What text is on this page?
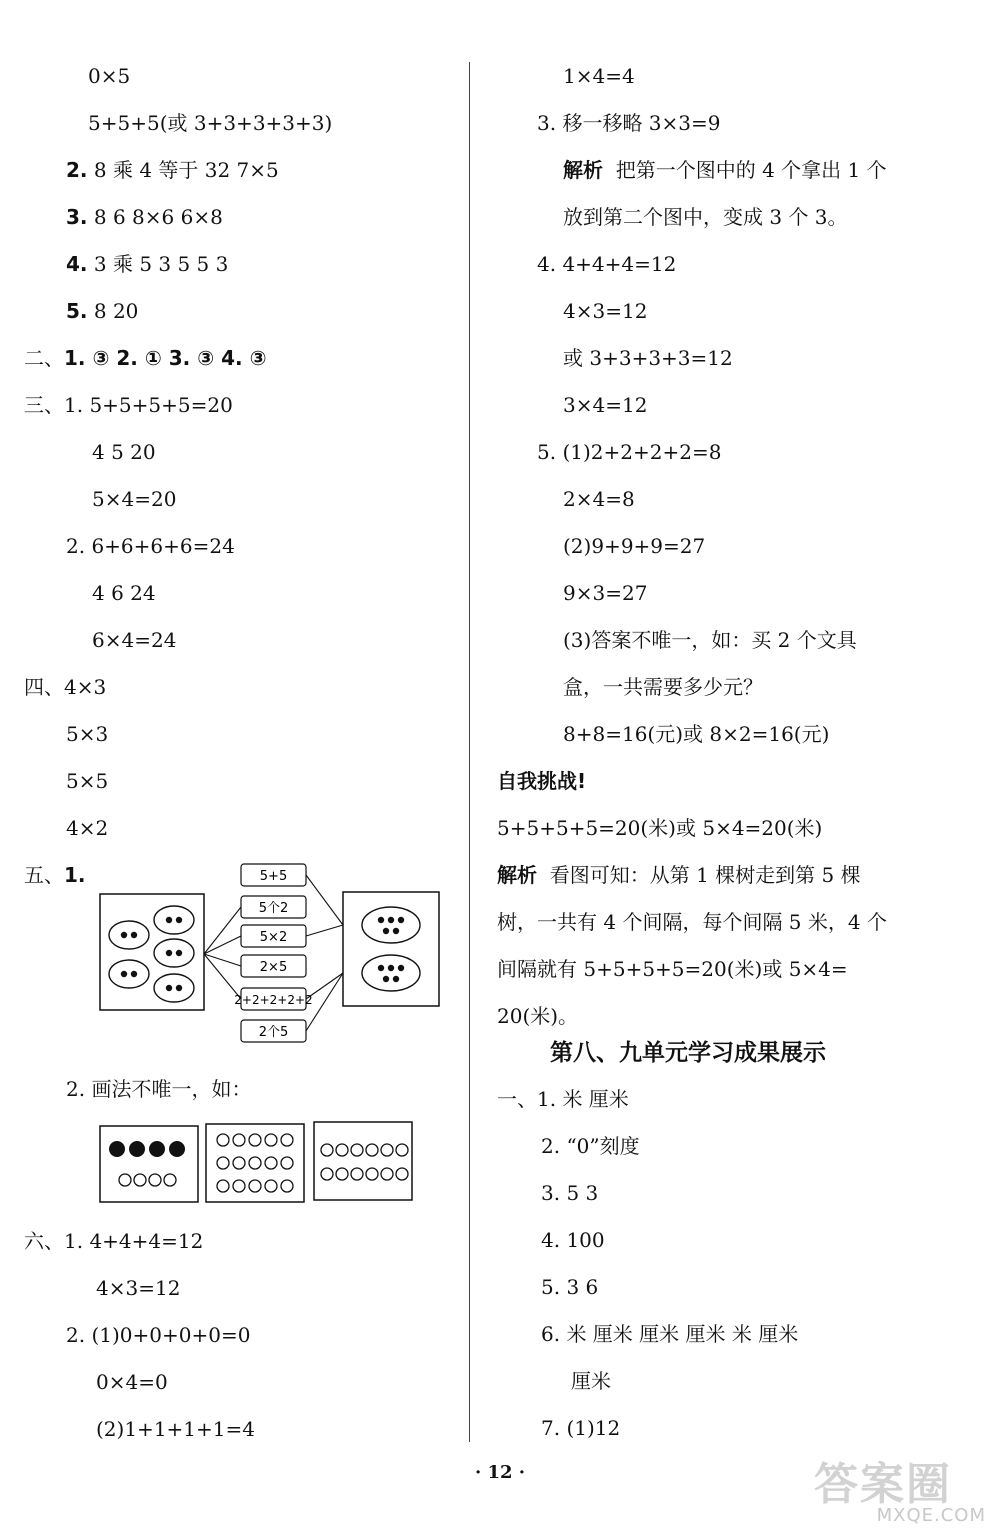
0×5
5+5+5(或 3+3+3+3+3)
2. 8 乘 4 等于 32 7×5
3. 8 6 8×6 6×8
4. 3 乘 5 3 5 5 3
5. 8 20
二、1. ③ 2. ① 3. ③ 4. ③
三、1. 5+5+5+5=20
4 5 20
5×4=20
2. 6+6+6+6=24
4 6 24
6×4=24
四、4×3
5×3
5×5
4×2
五、1.	5+5
5个2
5×2
2×5
2+2+2+2+2
2个5
2. 画法不唯一，如：
六、1. 4+4+4=12
4×3=12
2. (1)0+0+0+0=0
0×4=0
(2)1+1+1+1=4
1×4=4
3. 移一移略 3×3=9
解析 把第一个图中的 4 个拿出 1 个
放到第二个图中，变成 3 个 3。
4. 4+4+4=12
4×3=12
或 3+3+3+3=12
3×4=12
5. (1)2+2+2+2=8
2×4=8
(2)9+9+9=27
9×3=27
(3)答案不唯一，如：买 2 个文具
盒，一共需要多少元？
8+8=16(元)或 8×2=16(元)
自我挑战!
5+5+5+5=20(米)或 5×4=20(米)
解析 看图可知：从第 1 棵树走到第 5 棵
树，一共有 4 个间隔，每个间隔 5 米，4 个
间隔就有 5+5+5+5=20(米)或 5×4=
20(米)。
第八、九单元学习成果展示
一、1. 米 厘米
2. “0”刻度
3. 5 3
4. 100
5. 3 6
6. 米 厘米 厘米 厘米 米 厘米
厘米
7. (1)12
· 12 ·	答案圈
MXQE.COM
